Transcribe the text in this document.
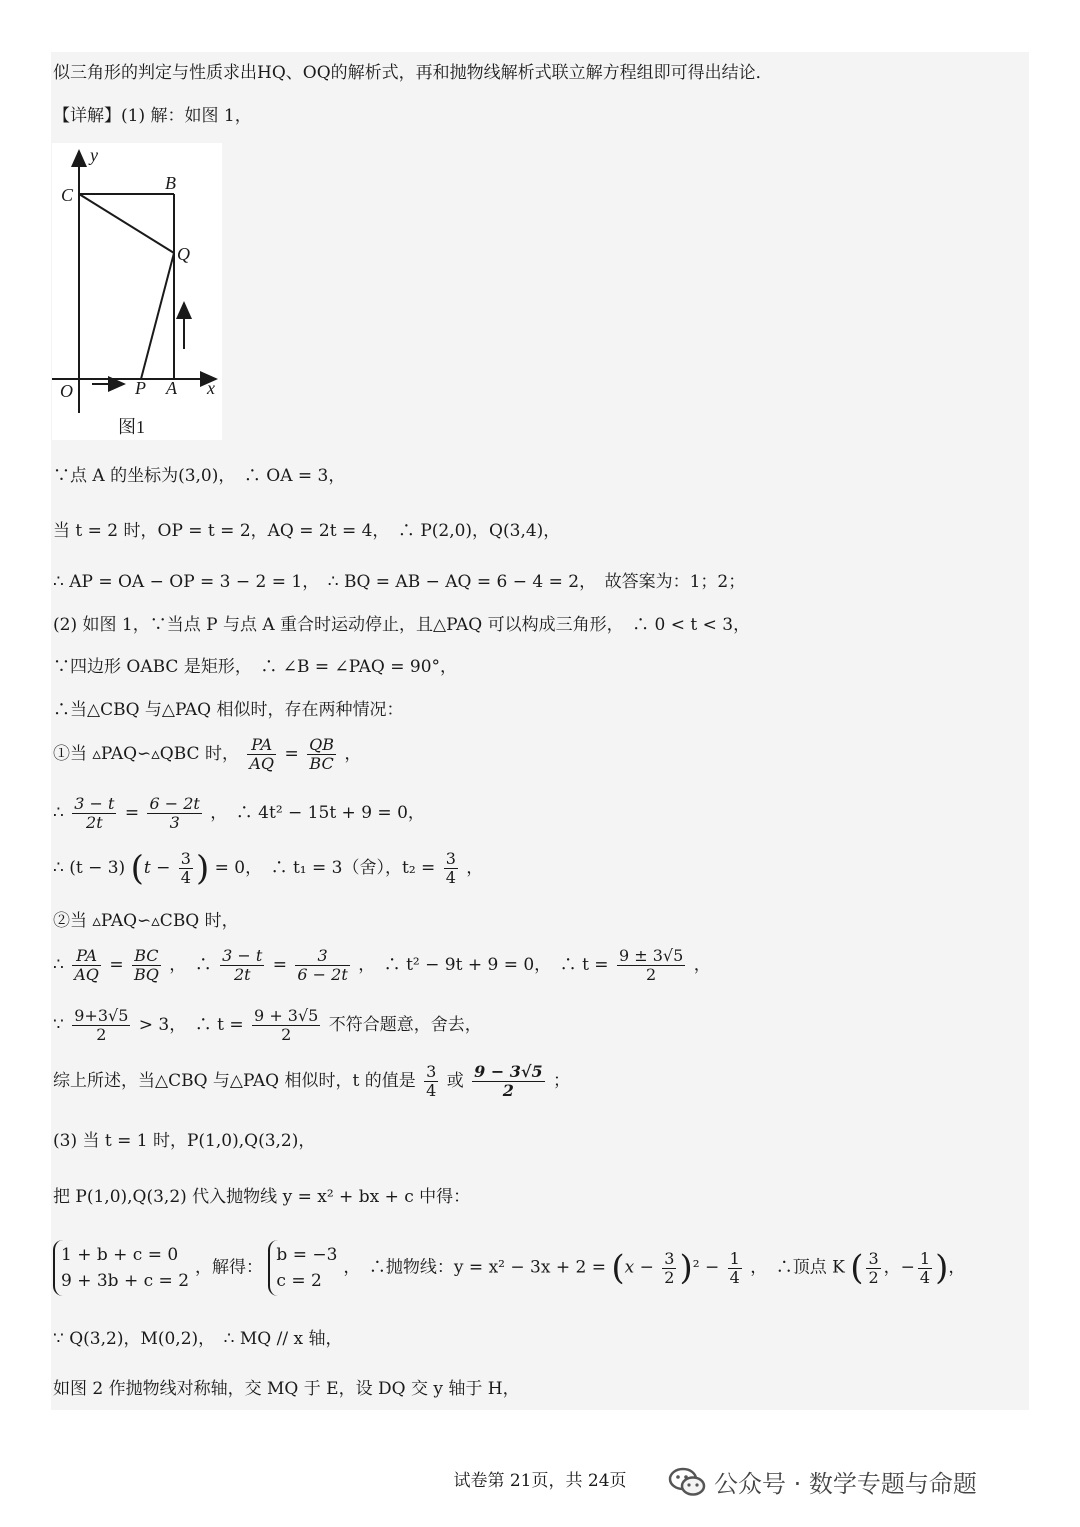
似三角形的判定与性质求出HQ、OQ的解析式，再和抛物线解析式联立解方程组即可得出结论．
【详解】(1) 解：如图 1，
y
x
O	P A
B
C
Q
图1
∵点 A 的坐标为(3,0)，　∴ OA = 3，
当 t = 2 时，OP = t = 2，AQ = 2t = 4，　∴ P(2,0)，Q(3,4)，
∴ AP = OA − OP = 3 − 2 = 1，　∴ BQ = AB − AQ = 6 − 4 = 2，　故答案为：1；2；
(2) 如图 1，∵当点 P 与点 A 重合时运动停止，且△PAQ 可以构成三角形，　∴ 0 < t < 3，
∵四边形 OABC 是矩形，　∴ ∠B = ∠PAQ = 90°，
∴当△CBQ 与△PAQ 相似时，存在两种情况：
①当 ▵PAQ∽▵QBC 时， $\frac{PA}{AQ} = \frac{QB}{BC}$ ，
∴ $\frac{3 - t}{2t} = \frac{6 - 2t}{3}$ ，　∴ 4t² − 15t + 9 = 0，
∴ (t − 3) ($t - \frac{3}{4}$ ) = 0，　∴ t₁ = 3（舍），$t_2 = \frac{3}{4}$ ，
②当 ▵PAQ∽▵CBQ 时，
∴ $\frac{PA}{AQ} = \frac{BC}{BQ}$ ，　∴ $\frac{3 - t}{2t} = \frac{3}{6 - 2t}$ ，　∴ t² − 9t + 9 = 0，　∴ $t = \frac{9 \pm 3√5}{2}$ ，
∵ $\frac{9+3√5}{2} > 3$，　∴ $t = \frac{9 + 3√5}{2}$ 不符合题意，舍去，
综上所述，当△CBQ 与△PAQ 相似时，t 的值是 $\frac{3}{4}$ 或 $\frac{9 - 3√5}{2}$ ；
(3) 当 t = 1 时，P(1,0),Q(3,2)，
把 P(1,0),Q(3,2) 代入抛物线 y = x² + bx + c 中得：
1 + b + c = 0
9 + 3b + c = 2
，解得：
b = −3
c = 2
，　∴抛物线：$y = x^2 - 3x + 2 = (x - \frac{3}{2} )^2 - \frac{1}{4}$ ，　∴顶点 K ( $\frac{3}{2}$ ，− $\frac{1}{4}$ )，
∵ Q(3,2)，M(0,2)，　∴ MQ // x 轴，
如图 2 作抛物线对称轴，交 MQ 于 E，设 DQ 交 y 轴于 H，
试卷第 21页，共 24页	公众号 · 数学专题与命题
